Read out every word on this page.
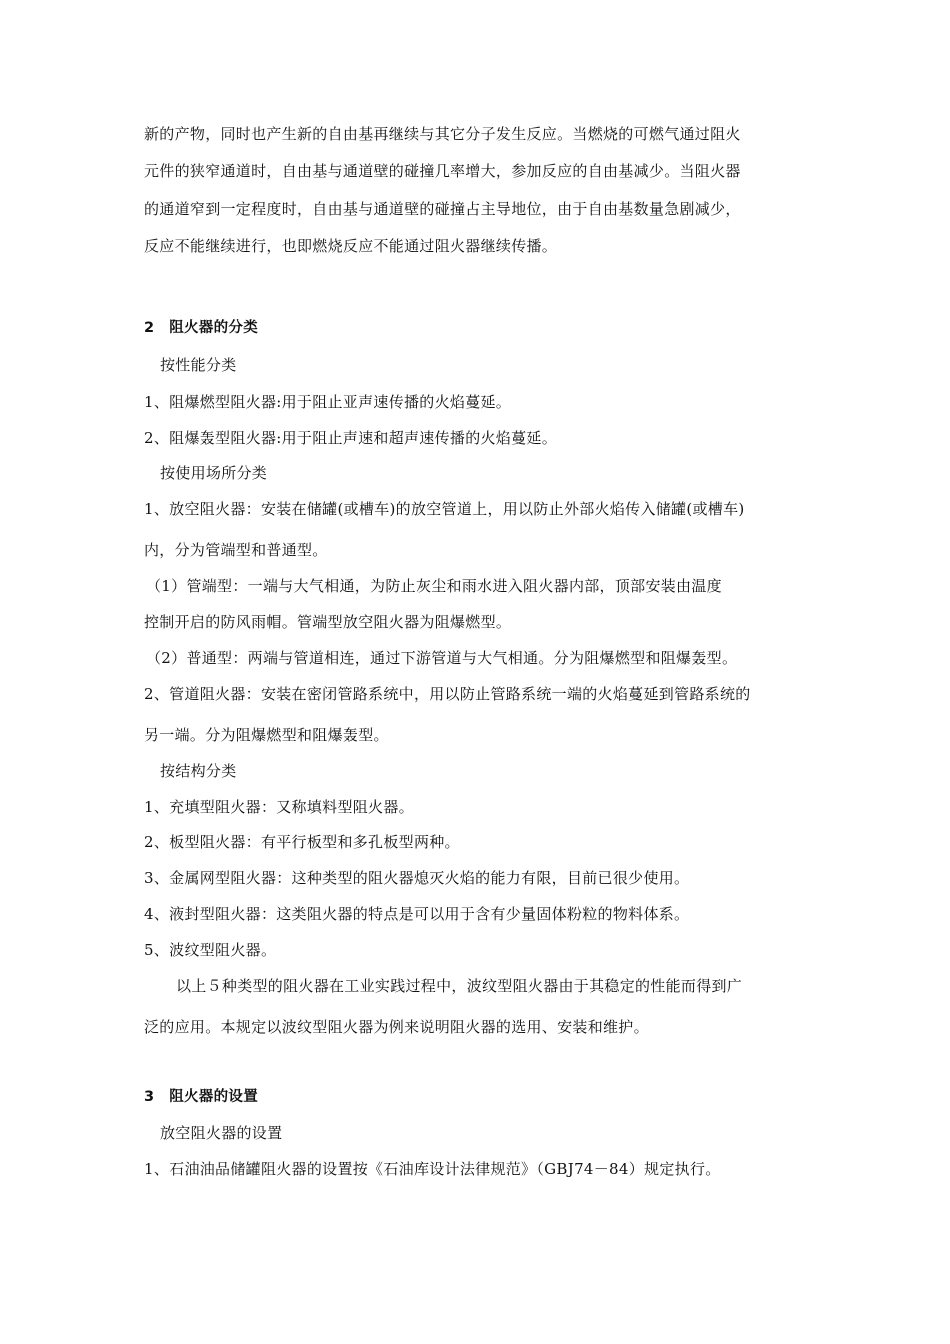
新的产物，同时也产生新的自由基再继续与其它分子发生反应。当燃烧的可燃气通过阻火
元件的狭窄通道时，自由基与通道壁的碰撞几率增大，参加反应的自由基减少。当阻火器
的通道窄到一定程度时，自由基与通道壁的碰撞占主导地位，由于自由基数量急剧减少，
反应不能继续进行，也即燃烧反应不能通过阻火器继续传播。
2　阻火器的分类
按性能分类
1、阻爆燃型阻火器:用于阻止亚声速传播的火焰蔓延。
2、阻爆轰型阻火器:用于阻止声速和超声速传播的火焰蔓延。
按使用场所分类
1、放空阻火器：安装在储罐(或槽车)的放空管道上，用以防止外部火焰传入储罐(或槽车)
内，分为管端型和普通型。
（1）管端型：一端与大气相通，为防止灰尘和雨水进入阻火器内部，顶部安装由温度
控制开启的防风雨帽。管端型放空阻火器为阻爆燃型。
（2）普通型：两端与管道相连，通过下游管道与大气相通。分为阻爆燃型和阻爆轰型。
2、管道阻火器：安装在密闭管路系统中，用以防止管路系统一端的火焰蔓延到管路系统的
另一端。分为阻爆燃型和阻爆轰型。
按结构分类
1、充填型阻火器：又称填料型阻火器。
2、板型阻火器：有平行板型和多孔板型两种。
3、金属网型阻火器：这种类型的阻火器熄灭火焰的能力有限，目前已很少使用。
4、液封型阻火器：这类阻火器的特点是可以用于含有少量固体粉粒的物料体系。
5、波纹型阻火器。
以上５种类型的阻火器在工业实践过程中，波纹型阻火器由于其稳定的性能而得到广
泛的应用。本规定以波纹型阻火器为例来说明阻火器的选用、安装和维护。
3　阻火器的设置
放空阻火器的设置
1、石油油品储罐阻火器的设置按《石油库设计法律规范》（GBJ74－84）规定执行。
